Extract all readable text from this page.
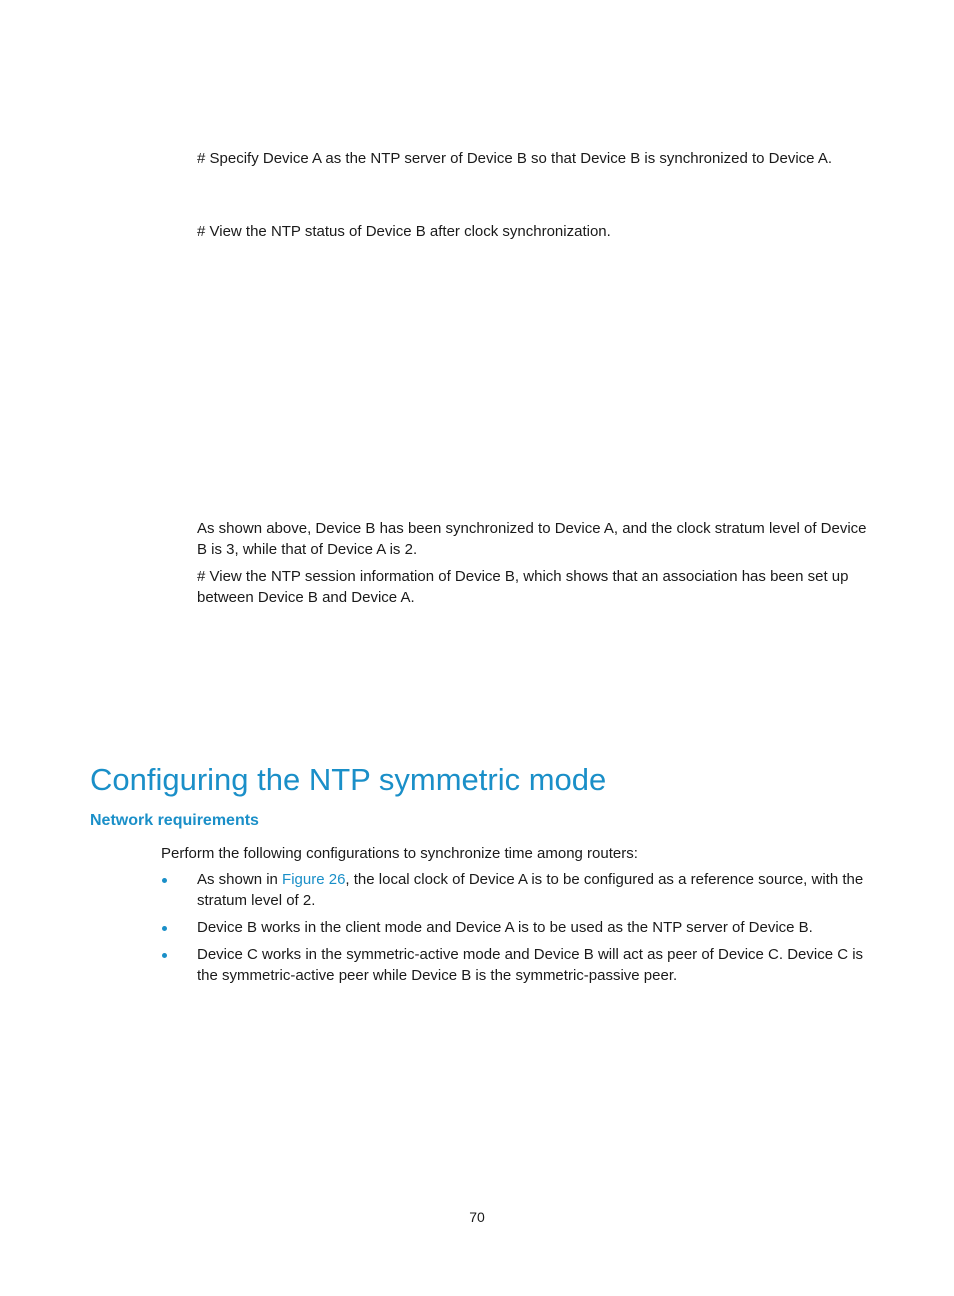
# Specify Device A as the NTP server of Device B so that Device B is synchronized to Device A.

# View the NTP status of Device B after clock synchronization.

As shown above, Device B has been synchronized to Device A, and the clock stratum level of Device B is 3, while that of Device A is 2.

# View the NTP session information of Device B, which shows that an association has been set up between Device B and Device A.

Configuring the NTP symmetric mode
Network requirements

Perform the following configurations to synchronize time among routers:

As shown in Figure 26, the local clock of Device A is to be configured as a reference source, with the stratum level of 2.
Device B works in the client mode and Device A is to be used as the NTP server of Device B.
Device C works in the symmetric-active mode and Device B will act as peer of Device C. Device C is the symmetric-active peer while Device B is the symmetric-passive peer.
70
